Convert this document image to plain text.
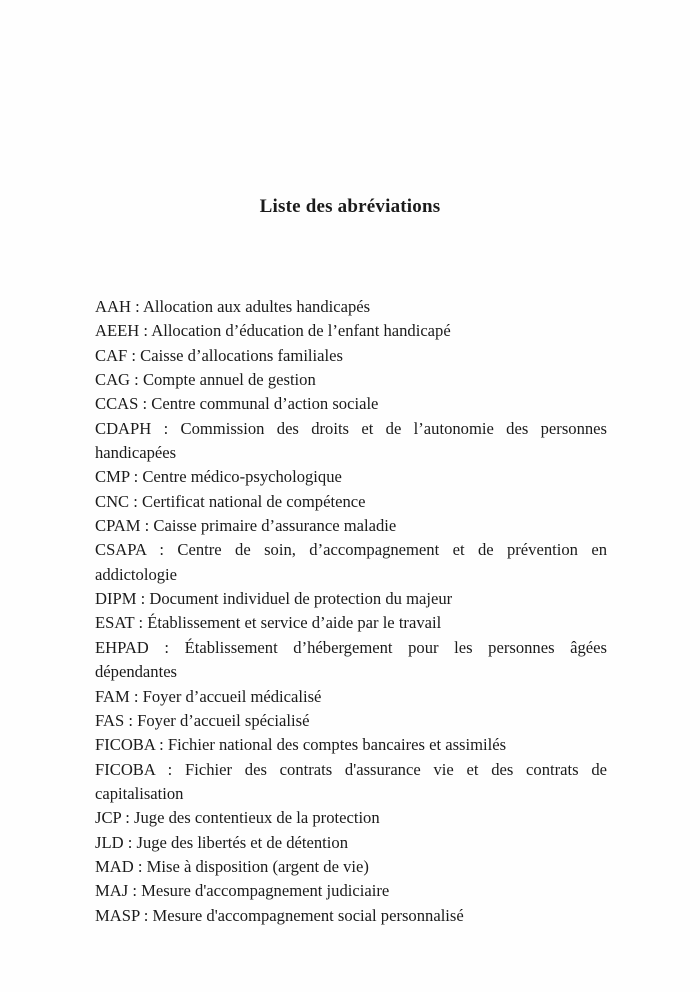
Liste des abréviations

AAH : Allocation aux adultes handicapés

AEEH : Allocation d’éducation de l’enfant handicapé

CAF : Caisse d’allocations familiales

CAG : Compte annuel de gestion

CCAS : Centre communal d’action sociale

CDAPH : Commission des droits et de l’autonomie des personnes handicapées

CMP : Centre médico-psychologique

CNC : Certificat national de compétence

CPAM : Caisse primaire d’assurance maladie

CSAPA : Centre de soin, d’accompagnement et de prévention en addictologie

DIPM : Document individuel de protection du majeur

ESAT : Établissement et service d’aide par le travail

EHPAD : Établissement d’hébergement pour les personnes âgées dépendantes

FAM : Foyer d’accueil médicalisé

FAS : Foyer d’accueil spécialisé

FICOBA : Fichier national des comptes bancaires et assimilés

FICOBA : Fichier des contrats d'assurance vie et des contrats de capitalisation

JCP : Juge des contentieux de la protection

JLD : Juge des libertés et de détention

MAD : Mise à disposition (argent de vie)

MAJ : Mesure d'accompagnement judiciaire

MASP : Mesure d'accompagnement social personnalisé
